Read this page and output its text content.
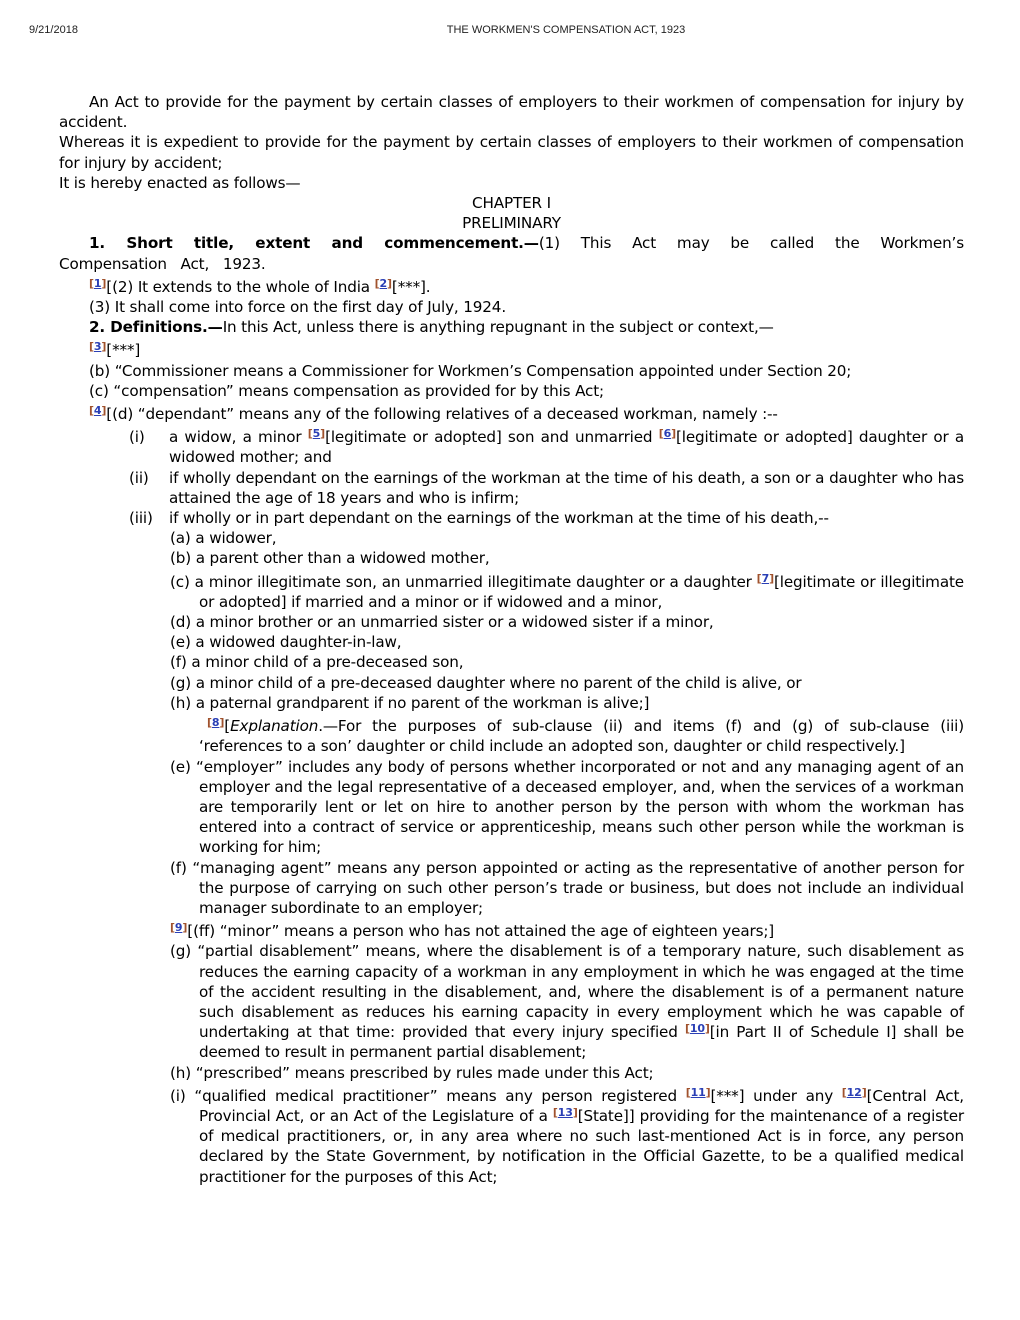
9/21/2018	THE WORKMEN'S COMPENSATION ACT, 1923

An Act to provide for the payment by certain classes of employers to their workmen of compensation for injury by accident.

Whereas it is expedient to provide for the payment by certain classes of employers to their workmen of compensation for injury by accident;

It is hereby enacted as follows—

CHAPTER I

PRELIMINARY

1. Short title, extent and commencement.—(1) This Act may be called the Workmen’s Compensation Act, 1923.

[1][(2) It extends to the whole of India [2][***].

(3) It shall come into force on the first day of July, 1924.

2. Definitions.—In this Act, unless there is anything repugnant in the subject or context,—

[3][***]

(b) “Commissioner means a Commissioner for Workmen’s Compensation appointed under Section 20;

(c) “compensation” means compensation as provided for by this Act;

[4][(d) “dependant” means any of the following relatives of a deceased workman, namely :--

(i)	a widow, a minor [5][legitimate or adopted] son and unmarried [6][legitimate or adopted] daughter or a widowed mother; and
(ii)	if wholly dependant on the earnings of the workman at the time of his death, a son or a daughter who has attained the age of 18 years and who is infirm;
(iii)	if wholly or in part dependant on the earnings of the workman at the time of his death,--

(a) a widower,

(b) a parent other than a widowed mother,

(c) a minor illegitimate son, an unmarried illegitimate daughter or a daughter [7][legitimate or illegitimate or adopted] if married and a minor or if widowed and a minor,

(d) a minor brother or an unmarried sister or a widowed sister if a minor,

(e) a widowed daughter-in-law,

(f) a minor child of a pre-deceased son,

(g) a minor child of a pre-deceased daughter where no parent of the child is alive, or

(h) a paternal grandparent if no parent of the workman is alive;]

[8][Explanation.—For the purposes of sub-clause (ii) and items (f) and (g) of sub-clause (iii) ‘references to a son’ daughter or child include an adopted son, daughter or child respectively.]

(e) “employer” includes any body of persons whether incorporated or not and any managing agent of an employer and the legal representative of a deceased employer, and, when the services of a workman are temporarily lent or let on hire to another person by the person with whom the workman has entered into a contract of service or apprenticeship, means such other person while the workman is working for him;

(f) “managing agent” means any person appointed or acting as the representative of another person for the purpose of carrying on such other person’s trade or business, but does not include an individual manager subordinate to an employer;

[9][(ff) “minor” means a person who has not attained the age of eighteen years;]

(g) “partial disablement” means, where the disablement is of a temporary nature, such disablement as reduces the earning capacity of a workman in any employment in which he was engaged at the time of the accident resulting in the disablement, and, where the disablement is of a permanent nature such disablement as reduces his earning capacity in every employment which he was capable of undertaking at that time: provided that every injury specified [10][in Part II of Schedule I] shall be deemed to result in permanent partial disablement;

(h) “prescribed” means prescribed by rules made under this Act;

(i) “qualified medical practitioner” means any person registered [11][***] under any [12][Central Act, Provincial Act, or an Act of the Legislature of a [13][State]] providing for the maintenance of a register of medical practitioners, or, in any area where no such last-mentioned Act is in force, any person declared by the State Government, by notification in the Official Gazette, to be a qualified medical practitioner for the purposes of this Act;
